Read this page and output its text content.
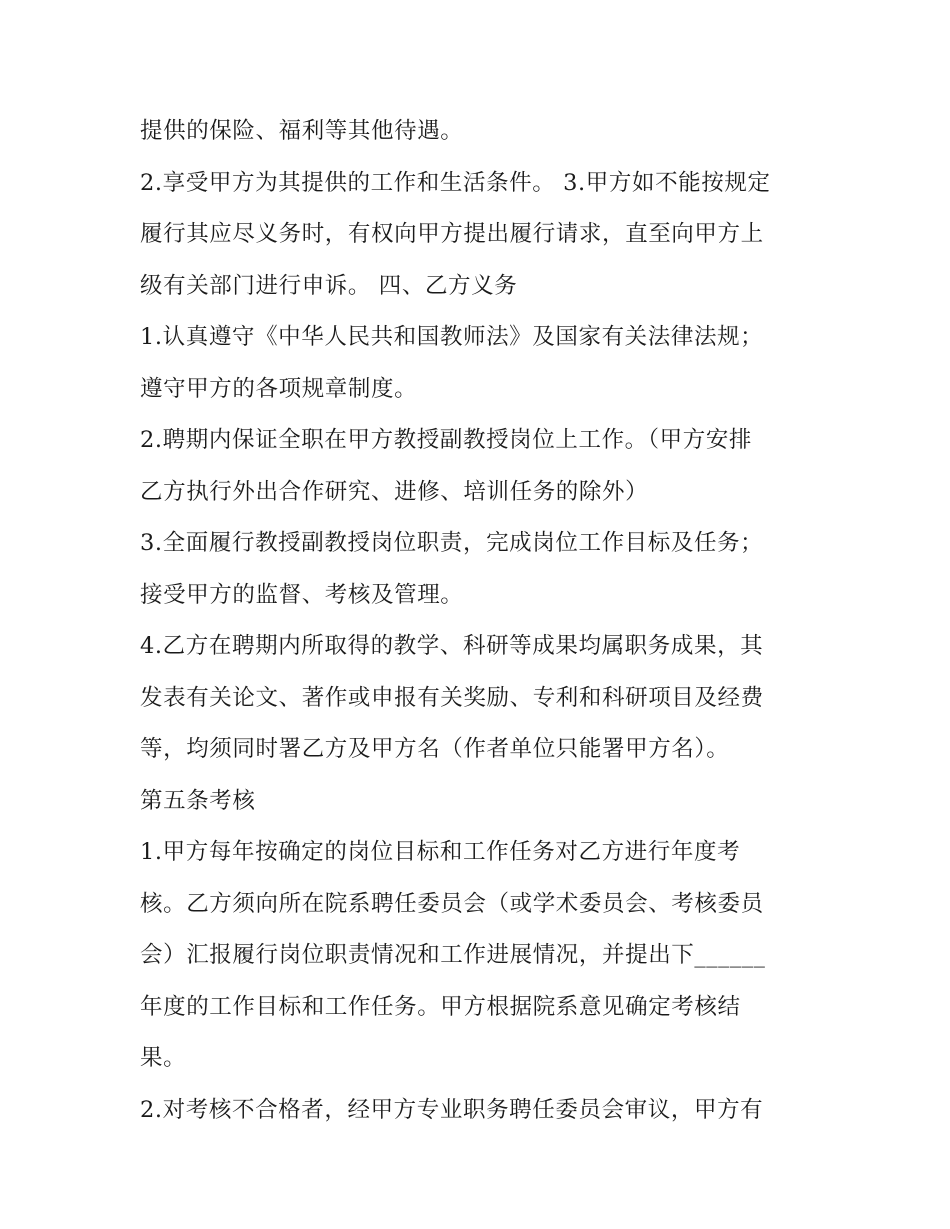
提供的保险、福利等其他待遇。
2.享受甲方为其提供的工作和生活条件。 3.甲方如不能按规定
履行其应尽义务时，有权向甲方提出履行请求，直至向甲方上
级有关部门进行申诉。 四、乙方义务
1.认真遵守《中华人民共和国教师法》及国家有关法律法规；
遵守甲方的各项规章制度。
2.聘期内保证全职在甲方教授副教授岗位上工作。（甲方安排
乙方执行外出合作研究、进修、培训任务的除外）
3.全面履行教授副教授岗位职责，完成岗位工作目标及任务；
接受甲方的监督、考核及管理。
4.乙方在聘期内所取得的教学、科研等成果均属职务成果，其
发表有关论文、著作或申报有关奖励、专利和科研项目及经费
等，均须同时署乙方及甲方名（作者单位只能署甲方名）。
第五条考核
1.甲方每年按确定的岗位目标和工作任务对乙方进行年度考
核。乙方须向所在院系聘任委员会（或学术委员会、考核委员
会）汇报履行岗位职责情况和工作进展情况，并提出下______
年度的工作目标和工作任务。甲方根据院系意见确定考核结
果。
2.对考核不合格者，经甲方专业职务聘任委员会审议，甲方有
